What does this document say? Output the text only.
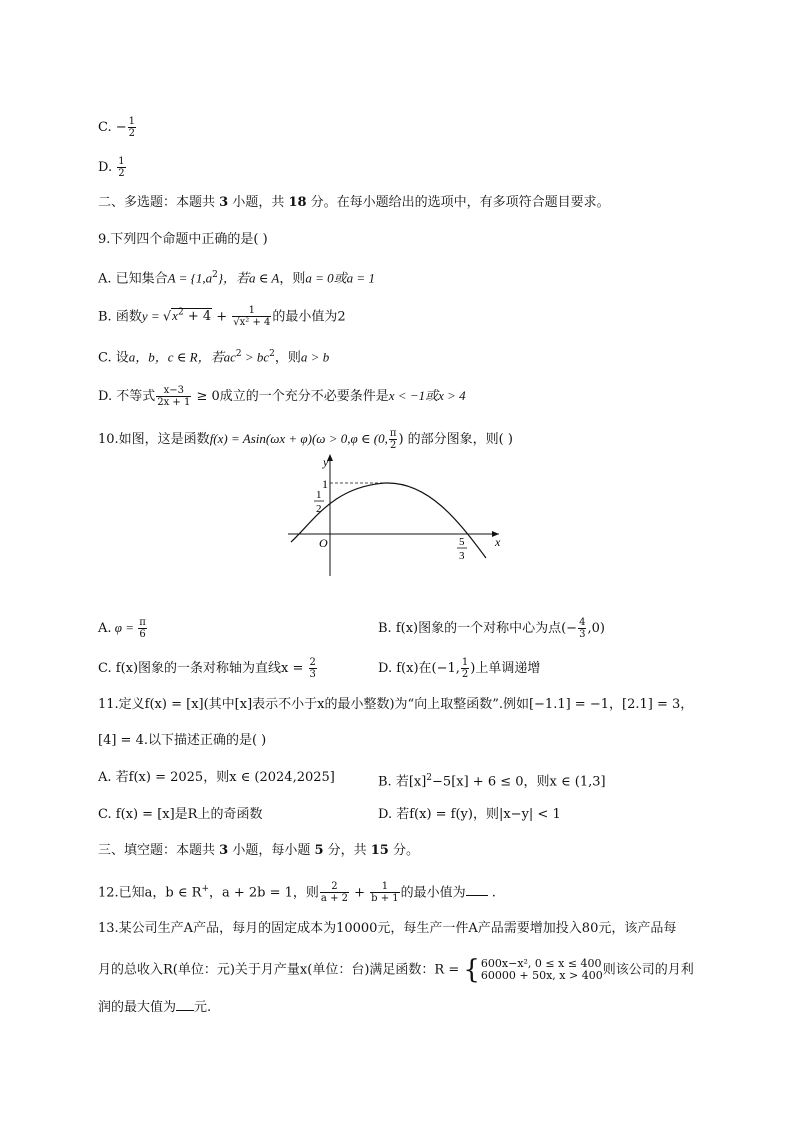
C. − $\frac{1}{2}$
D. $\frac{1}{2}$
二、多选题：本题共 3 小题，共 18 分。在每小题给出的选项中，有多项符合题目要求。
9.下列四个命题中正确的是( )
A. 已知集合$A = \{1,a^2\}$，若a ∈ A，则a = 0或a = 1
B. 函数$y = √x^2 + 4 + \frac{1}{\text{√x² + 4}}$ 的最小值为2
C. 设a，b，c ∈ R，若$ac^2 > bc^2$，则a > b
D. 不等式 $\frac{x-3}{2x + 1} \ge 0$成立的一个充分不必要条件是x < −1或x > 4
10.如图，这是函数f(x) = Asin(ωx + φ)(ω > 0,φ ∈ (0, $\frac{\pi}{2}$ ) 的部分图象，则( )
y
x
O
1
1
2
5
3
A. $\varphi = \frac{\pi}{6}$	B. f(x)图象的一个对称中心为点(− $\frac{4}{3} ,0$)
C. f(x)图象的一条对称轴为直线$x = \frac{2}{3}$	D. f(x)在(−1, $\frac{1}{2}$ )上单调递增
11.定义f(x) = [x](其中[x]表示不小于x的最小整数)为“向上取整函数”.例如[−1.1] = −1，[2.1] = 3，
[4] = 4.以下描述正确的是( )
A. 若f(x) = 2025，则x ∈ (2024,2025]	B. 若$[x]^2-5[x] + 6 \le 0$，则x ∈ (1,3]
C. f(x) = [x]是R上的奇函数	D. 若f(x) = f(y)，则|x−y| < 1
三、填空题：本题共 3 小题，每小题 5 分，共 15 分。
12.已知a，b ∈ R+，a + 2b = 1，则 $\frac{2}{a + 2} + \frac{1}{b + 1}$ 的最小值为 .
13.某公司生产A产品，每月的固定成本为10000元，每生产一件A产品需要增加投入80元，该产品每
月的总收入R(单位：元)关于月产量x(单位：台)满足函数：R = { 600x−x², 0 ≤ x ≤ 400
60000 + 50x, x > 400 则该公司的月利
润的最大值为 元.
